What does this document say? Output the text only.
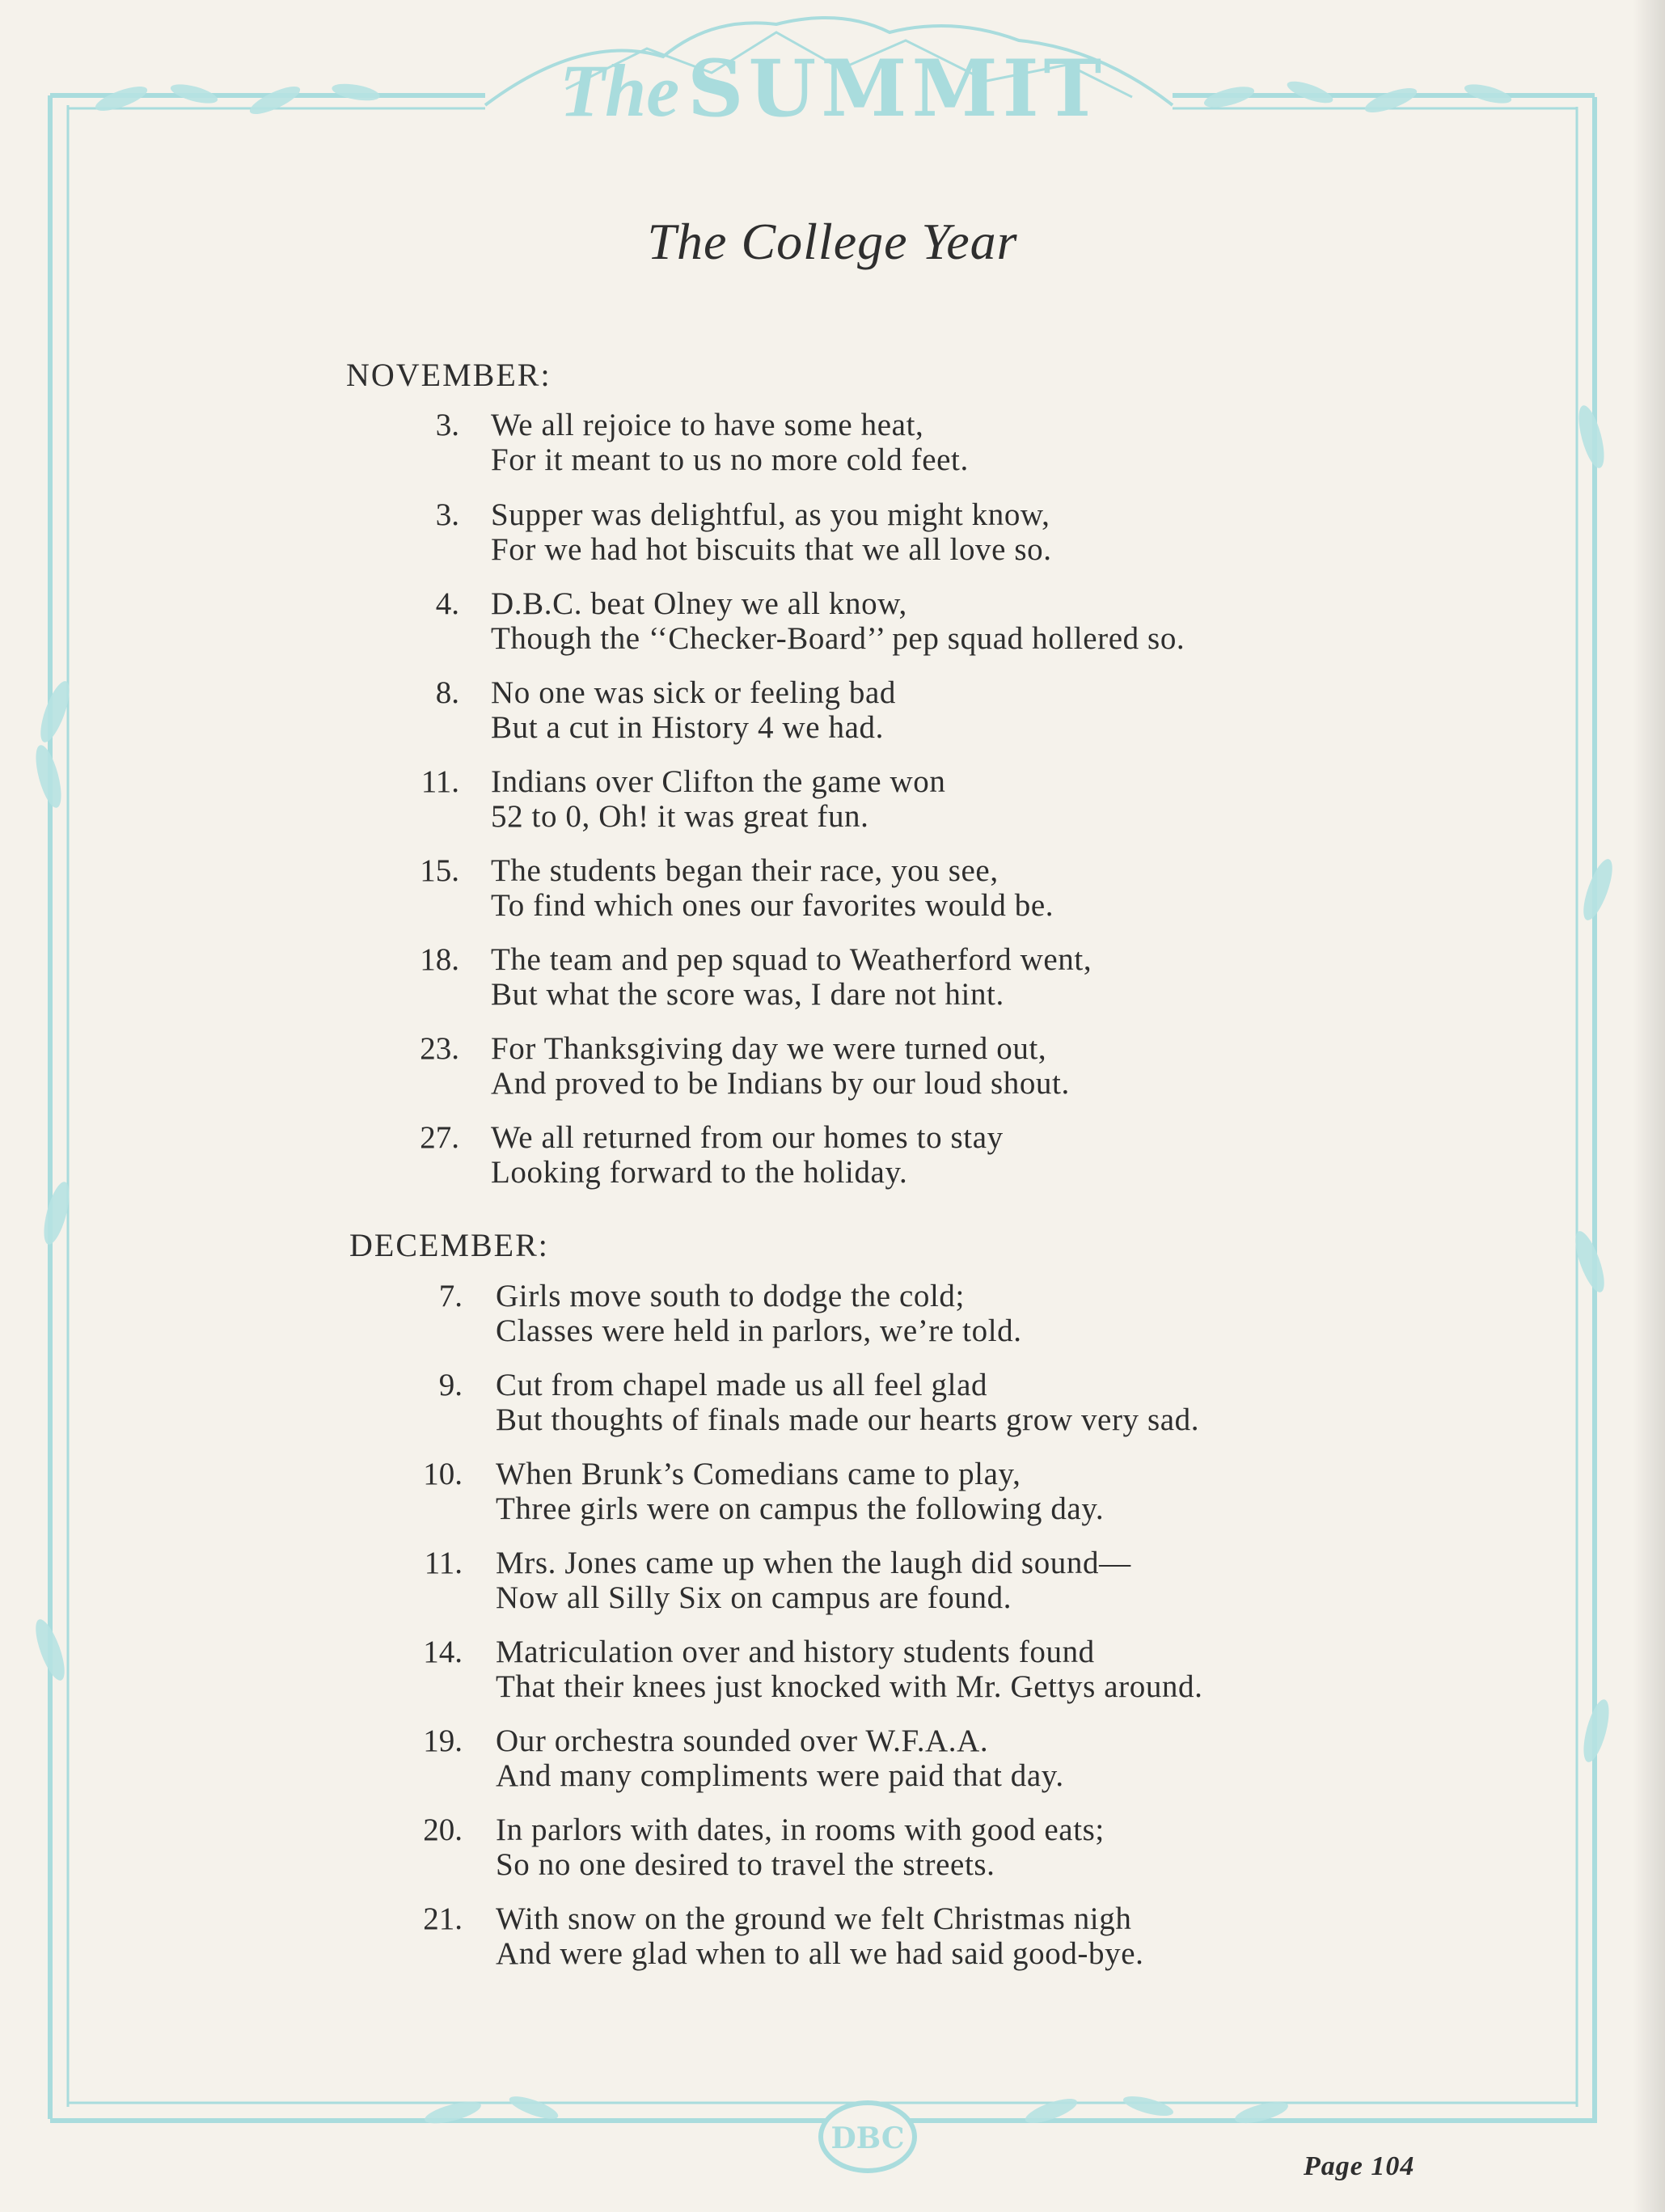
The SUMMIT
The College Year
NOVEMBER:
3. We all rejoice to have some heat,
For it meant to us no more cold feet.
3. Supper was delightful, as you might know,
For we had hot biscuits that we all love so.
4. D.B.C. beat Olney we all know,
Though the ‘‘Checker-Board’’ pep squad hollered so.
8. No one was sick or feeling bad
But a cut in History 4 we had.
11. Indians over Clifton the game won
52 to 0, Oh! it was great fun.
15. The students began their race, you see,
To find which ones our favorites would be.
18. The team and pep squad to Weatherford went,
But what the score was, I dare not hint.
23. For Thanksgiving day we were turned out,
And proved to be Indians by our loud shout.
27. We all returned from our homes to stay
Looking forward to the holiday.
DECEMBER:
7. Girls move south to dodge the cold;
Classes were held in parlors, we’re told.
9. Cut from chapel made us all feel glad
But thoughts of finals made our hearts grow very sad.
10. When Brunk’s Comedians came to play,
Three girls were on campus the following day.
11. Mrs. Jones came up when the laugh did sound—
Now all Silly Six on campus are found.
14. Matriculation over and history students found
That their knees just knocked with Mr. Gettys around.
19. Our orchestra sounded over W.F.A.A.
And many compliments were paid that day.
20. In parlors with dates, in rooms with good eats;
So no one desired to travel the streets.
21. With snow on the ground we felt Christmas nigh
And were glad when to all we had said good-bye.
DBC
Page 104
